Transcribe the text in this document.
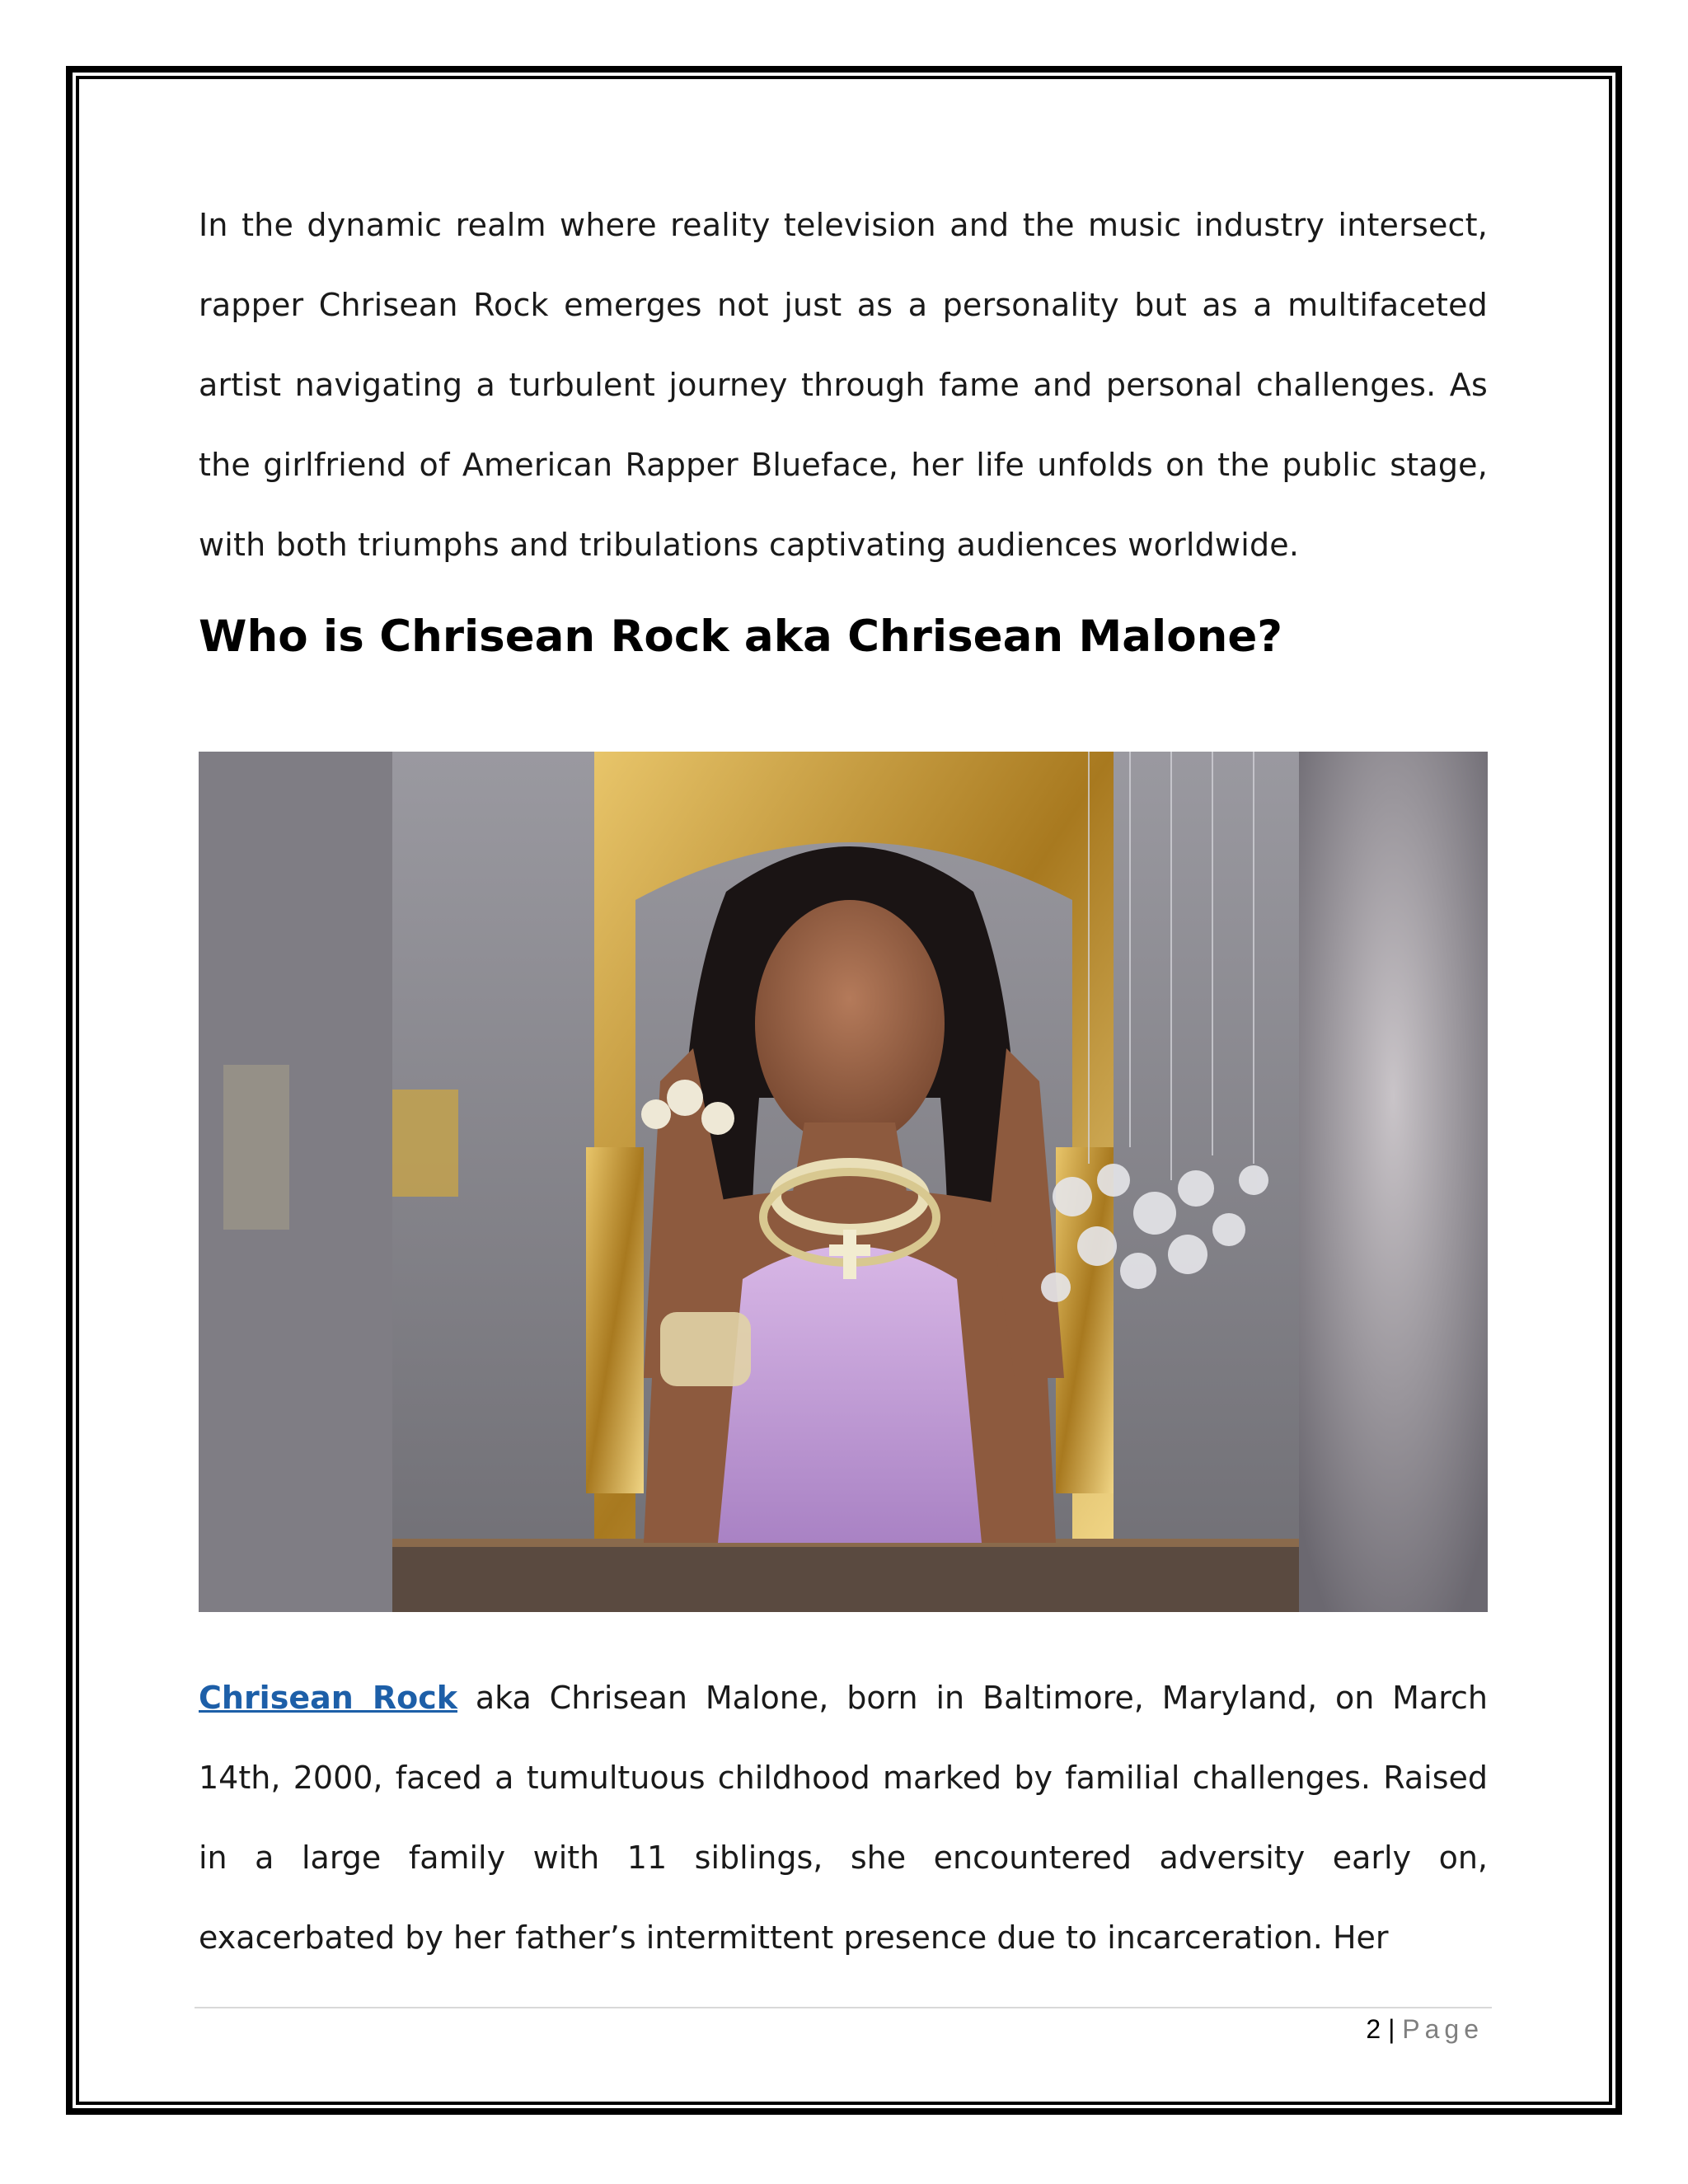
In the dynamic realm where reality television and the music industry intersect, rapper Chrisean Rock emerges not just as a personality but as a multifaceted artist navigating a turbulent journey through fame and personal challenges. As the girlfriend of American Rapper Blueface, her life unfolds on the public stage, with both triumphs and tribulations captivating audiences worldwide.

Who is Chrisean Rock aka Chrisean Malone?

Chrisean Rock aka Chrisean Malone, born in Baltimore, Maryland, on March 14th, 2000, faced a tumultuous childhood marked by familial challenges. Raised in a large family with 11 siblings, she encountered adversity early on, exacerbated by her father’s intermittent presence due to incarceration. Her

2 | Page
